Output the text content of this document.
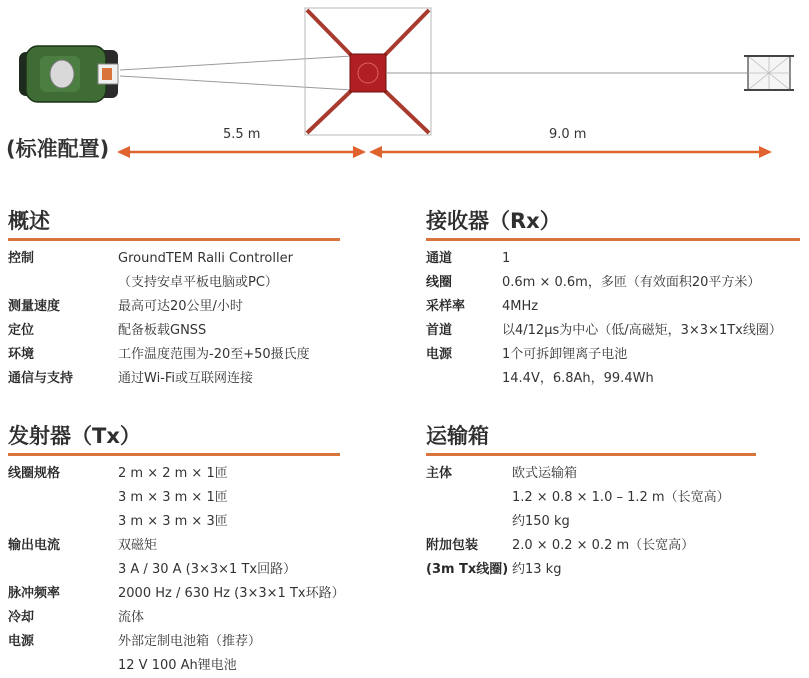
(标准配置)
5.5 m	9.0 m
概述
控制	GroundTEM Ralli Controller
（支持安卓平板电脑或PC）
测量速度	最高可达20公里/小时
定位	配备板载GNSS
环境	工作温度范围为-20至+50摄氏度
通信与支持	通过Wi-Fi或互联网连接
接收器（Rx）
通道	1
线圈	0.6m × 0.6m，多匝（有效面积20平方米）
采样率	4MHz
首道	以4/12μs为中心（低/高磁矩，3×3×1Tx线圈）
电源	1个可拆卸锂离子电池
14.4V，6.8Ah，99.4Wh
发射器（Tx）
线圈规格	2 m × 2 m × 1匝
3 m × 3 m × 1匝
3 m × 3 m × 3匝
输出电流	双磁矩
3 A / 30 A (3×3×1 Tx回路）
脉冲频率	2000 Hz / 630 Hz (3×3×1 Tx环路）
冷却	流体
电源	外部定制电池箱（推荐）
12 V 100 Ah锂电池
运输箱
主体	欧式运输箱
1.2 × 0.8 × 1.0 – 1.2 m（长宽高）
约150 kg
附加包装	2.0 × 0.2 × 0.2 m（长宽高）
(3m Tx线圈) 约13 kg
